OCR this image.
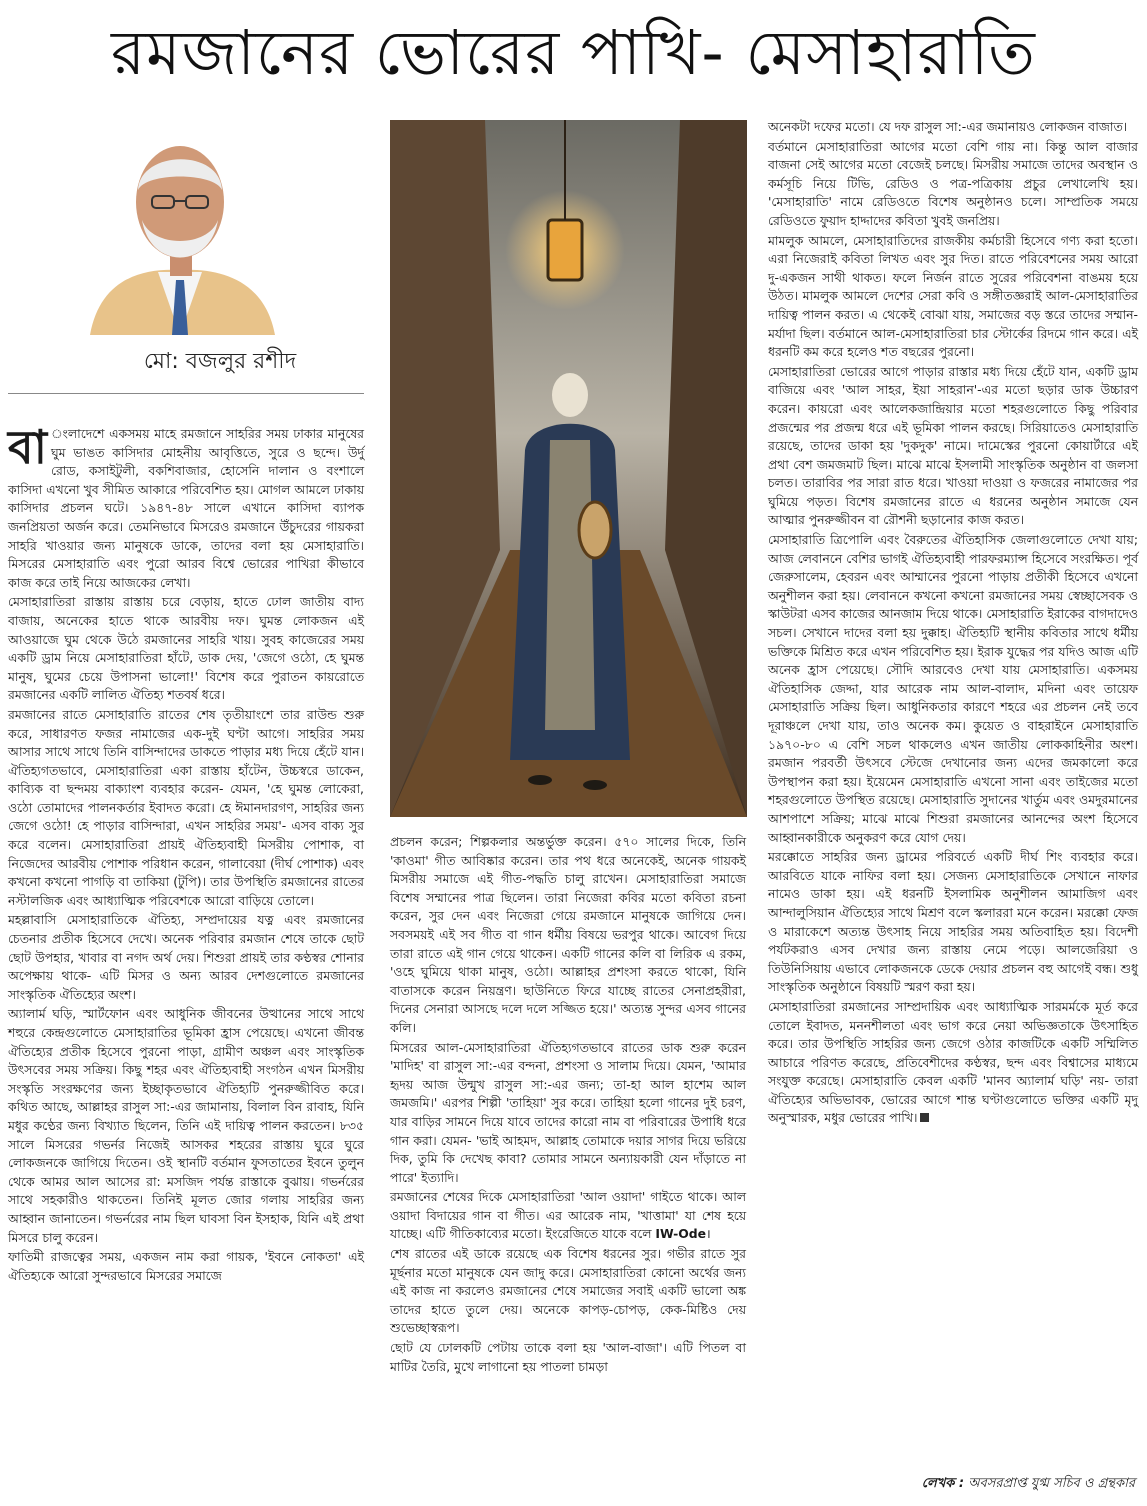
রমজানের ভোরের পাখি- মেসাহারাতি
মো: বজলুর রশীদ

বা ংলাদেশে একসময় মাহে রমজানে সাহরির সময় ঢাকার মানুষের ঘুম ভাঙত কাসিদার মোহনীয় আবৃত্তিতে, সুরে ও ছন্দে। উর্দু রোড, কসাইটুলী, বকশিবাজার, হোসেনি দালান ও বংশালে কাসিদা এখনো খুব সীমিত আকারে পরিবেশিত হয়। মোগল আমলে ঢাকায় কাসিদার প্রচলন ঘটে। ১৯৪৭-৪৮ সালে এখানে কাসিদা ব্যাপক জনপ্রিয়তা অর্জন করে। তেমনিভাবে মিসরেও রমজানে উঁচুদরের গায়করা সাহরি খাওয়ার জন্য মানুষকে ডাকে, তাদের বলা হয় মেসাহারাতি। মিসরের মেসাহারাতি এবং পুরো আরব বিশ্বে ভোরের পাখিরা কীভাবে কাজ করে তাই নিয়ে আজকের লেখা।

মেসাহারাতিরা রাস্তায় রাস্তায় চরে বেড়ায়, হাতে ঢোল জাতীয় বাদ্য বাজায়, অনেকের হাতে থাকে আরবীয় দফ। ঘুমন্ত লোকজন এই আওয়াজে ঘুম থেকে উঠে রমজানের সাহরি খায়। সুবহ কাজেরের সময় একটি ড্রাম নিয়ে মেসাহারাতিরা হাঁটে, ডাক দেয়, 'জেগে ওঠো, হে ঘুমন্ত মানুষ, ঘুমের চেয়ে উপাসনা ভালো!' বিশেষ করে পুরাতন কায়রোতে রমজানের একটি লালিত ঐতিহ্য শতবর্ষ ধরে।

রমজানের রাতে মেসাহারাতি রাতের শেষ তৃতীয়াংশে তার রাউন্ড শুরু করে, সাধারণত ফজর নামাজের এক-দুই ঘণ্টা আগে। সাহরির সময় আসার সাথে সাথে তিনি বাসিন্দাদের ডাকতে পাড়ার মধ্য দিয়ে হেঁটে যান। ঐতিহ্যগতভাবে, মেসাহারাতিরা একা রাস্তায় হাঁটেন, উচ্চস্বরে ডাকেন, কাব্যিক বা ছন্দময় বাক্যাংশ ব্যবহার করেন- যেমন, 'হে ঘুমন্ত লোকেরা, ওঠো তোমাদের পালনকর্তার ইবাদত করো। হে ঈমানদারগণ, সাহরির জন্য জেগে ওঠো! হে পাড়ার বাসিন্দারা, এখন সাহরির সময়'- এসব বাক্য সুর করে বলেন। মেসাহারাতিরা প্রায়ই ঐতিহ্যবাহী মিসরীয় পোশাক, বা নিজেদের আরবীয় পোশাক পরিধান করেন, গালাবেয়া (দীর্ঘ পোশাক) এবং কখনো কখনো পাগড়ি বা তাকিয়া (টুপি)। তার উপস্থিতি রমজানের রাতের নস্টালজিক এবং আধ্যাত্মিক পরিবেশকে আরো বাড়িয়ে তোলে।

মহল্লাবাসি মেসাহারাতিকে ঐতিহ্য, সম্প্রদায়ের যত্ন এবং রমজানের চেতনার প্রতীক হিসেবে দেখে। অনেক পরিবার রমজান শেষে তাকে ছোট ছোট উপহার, খাবার বা নগদ অর্থ দেয়। শিশুরা প্রায়ই তার কণ্ঠস্বর শোনার অপেক্ষায় থাকে- এটি মিসর ও অন্য আরব দেশগুলোতে রমজানের সাংস্কৃতিক ঐতিহ্যের অংশ।

অ্যালার্ম ঘড়ি, স্মার্টফোন এবং আধুনিক জীবনের উত্থানের সাথে সাথে শহুরে কেন্দ্রগুলোতে মেসাহারাতির ভূমিকা হ্রাস পেয়েছে। এখনো জীবন্ত ঐতিহ্যের প্রতীক হিসেবে পুরনো পাড়া, গ্রামীণ অঞ্চল এবং সাংস্কৃতিক উৎসবের সময় সক্রিয়। কিছু শহর এবং ঐতিহ্যবাহী সংগঠন এখন মিসরীয় সংস্কৃতি সংরক্ষণের জন্য ইচ্ছাকৃতভাবে ঐতিহ্যটি পুনরুজ্জীবিত করে। কথিত আছে, আল্লাহর রাসুল সা:-এর জামানায়, বিলাল বিন রাবাহ, যিনি মধুর কণ্ঠের জন্য বিখ্যাত ছিলেন, তিনি এই দায়িত্ব পালন করতেন। ৮৩৫ সালে মিসরের গভর্নর নিজেই আসকর শহরের রাস্তায় ঘুরে ঘুরে লোকজনকে জাগিয়ে দিতেন। ওই স্থানটি বর্তমান ফুসতাতের ইবনে তুলুন থেকে আমর আল আসের রা: মসজিদ পর্যন্ত রাস্তাকে বুঝায়। গভর্নরের সাথে সহকারীও থাকতেন। তিনিই মূলত জোর গলায় সাহরির জন্য আহ্বান জানাতেন। গভর্নরের নাম ছিল ঘাবসা বিন ইসহাক, যিনি এই প্রথা মিসরে চালু করেন।

ফাতিমী রাজত্বের সময়, একজন নাম করা গায়ক, 'ইবনে নোকতা' এই ঐতিহ্যকে আরো সুন্দরভাবে মিসরের সমাজে

প্রচলন করেন; শিল্পকলার অন্তর্ভুক্ত করেন। ৫৭০ সালের দিকে, তিনি 'কাওমা' গীত আবিষ্কার করেন। তার পথ ধরে অনেকেই, অনেক গায়কই মিসরীয় সমাজে এই গীত-পদ্ধতি চালু রাখেন। মেসাহারাতিরা সমাজে বিশেষ সম্মানের পাত্র ছিলেন। তারা নিজেরা কবির মতো কবিতা রচনা করেন, সুর দেন এবং নিজেরা গেয়ে রমজানে মানুষকে জাগিয়ে দেন। সবসময়ই এই সব গীত বা গান ধর্মীয় বিষয়ে ভরপুর থাকে। আবেগ দিয়ে তারা রাতে এই গান গেয়ে থাকেন। একটি গানের কলি বা লিরিক এ রকম, 'ওহে ঘুমিয়ে থাকা মানুষ, ওঠো। আল্লাহর প্রশংসা করতে থাকো, যিনি বাতাসকে করেন নিয়ন্ত্রণ। ছাউনিতে ফিরে যাচ্ছে রাতের সেনাপ্রহরীরা, দিনের সেনারা আসছে দলে দলে সজ্জিত হয়ে।' অত্যন্ত সুন্দর এসব গানের কলি।

মিসরের আল-মেসাহারাতিরা ঐতিহ্যগতভাবে রাতের ডাক শুরু করেন 'মাদিহ' বা রাসুল সা:-এর বন্দনা, প্রশংসা ও সালাম দিয়ে। যেমন, 'আমার হৃদয় আজ উন্মুখ রাসুল সা:-এর জন্য; তা-হা আল হাশেম আল জমজমি।' এরপর শিল্পী 'তাহিয়া' সুর করে। তাহিয়া হলো গানের দুই চরণ, যার বাড়ির সামনে দিয়ে যাবে তাদের কারো নাম বা পরিবারের উপাধি ধরে গান করা। যেমন- 'ভাই আহমদ, আল্লাহ তোমাকে দয়ার সাগর দিয়ে ভরিয়ে দিক, তুমি কি দেখেছ কাবা? তোমার সামনে অন্যায়কারী যেন দাঁড়াতে না পারে' ইত্যাদি।

রমজানের শেষের দিকে মেসাহারাতিরা 'আল ওয়াদা' গাইতে থাকে। আল ওয়াদা বিদায়ের গান বা গীত। এর আরেক নাম, 'খাত্তামা' যা শেষ হয়ে যাচ্ছে। এটি গীতিকাব্যের মতো। ইংরেজিতে যাকে বলে IW-Ode।

শেষ রাতের এই ডাকে রয়েছে এক বিশেষ ধরনের সুর। গভীর রাতে সুর মূর্ছনার মতো মানুষকে যেন জাদু করে। মেসাহারাতিরা কোনো অর্থের জন্য এই কাজ না করলেও রমজানের শেষে সমাজের সবাই একটি ভালো অঙ্ক তাদের হাতে তুলে দেয়। অনেকে কাপড়-চোপড়, কেক-মিষ্টিও দেয় শুভেচ্ছাস্বরূপ।

ছোট যে ঢোলকটি পেটায় তাকে বলা হয় 'আল-বাজা'। এটি পিতল বা মাটির তৈরি, মুখে লাগানো হয় পাতলা চামড়া

অনেকটা দফের মতো। যে দফ রাসুল সা:-এর জমানায়ও লোকজন বাজাত।

বর্তমানে মেসাহারাতিরা আগের মতো বেশি গায় না। কিন্তু আল বাজার বাজনা সেই আগের মতো বেজেই চলছে। মিসরীয় সমাজে তাদের অবস্থান ও কর্মসূচি নিয়ে টিভি, রেডিও ও পত্র-পত্রিকায় প্রচুর লেখালেখি হয়। 'মেসাহারাতি' নামে রেডিওতে বিশেষ অনুষ্ঠানও চলে। সাম্প্রতিক সময়ে রেডিওতে ফুয়াদ হাদ্দাদের কবিতা খুবই জনপ্রিয়।

মামলুক আমলে, মেসাহারাতিদের রাজকীয় কর্মচারী হিসেবে গণ্য করা হতো। এরা নিজেরাই কবিতা লিখত এবং সুর দিত। রাতে পরিবেশনের সময় আরো দু-একজন সাথী থাকত। ফলে নির্জন রাতে সুরের পরিবেশনা বাঙময় হয়ে উঠত। মামলুক আমলে দেশের সেরা কবি ও সঙ্গীতজ্ঞরাই আল-মেসাহারাতির দায়িত্ব পালন করত। এ থেকেই বোঝা যায়, সমাজের বড় স্তরে তাদের সম্মান-মর্যাদা ছিল। বর্তমানে আল-মেসাহারাতিরা চার স্টোর্কের রিদমে গান করে। এই ধরনটি কম করে হলেও শত বছরের পুরনো।

মেসাহারাতিরা ভোরের আগে পাড়ার রাস্তার মধ্য দিয়ে হেঁটে যান, একটি ড্রাম বাজিয়ে এবং 'আল সাহর, ইয়া সাহরান'-এর মতো ছড়ার ডাক উচ্চারণ করেন। কায়রো এবং আলেকজান্দ্রিয়ার মতো শহরগুলোতে কিছু পরিবার প্রজন্মের পর প্রজন্ম ধরে এই ভূমিকা পালন করছে। সিরিয়াতেও মেসাহারাতি রয়েছে, তাদের ডাকা হয় 'দুকদুক' নামে। দামেস্কের পুরনো কোয়ার্টারে এই প্রথা বেশ জমজমাট ছিল। মাঝে মাঝে ইসলামী সাংস্কৃতিক অনুষ্ঠান বা জলসা চলত। তারাবির পর সারা রাত ধরে। খাওয়া দাওয়া ও ফজরের নামাজের পর ঘুমিয়ে পড়ত। বিশেষ রমজানের রাতে এ ধরনের অনুষ্ঠান সমাজে যেন আত্মার পুনরুজ্জীবন বা রৌশনী ছড়ানোর কাজ করত।

মেসাহারাতি ত্রিপোলি এবং বৈরুতের ঐতিহাসিক জেলাগুলোতে দেখা যায়; আজ লেবাননে বেশির ভাগই ঐতিহ্যবাহী পারফরম্যান্স হিসেবে সংরক্ষিত। পূর্ব জেরুসালেম, হেবরন এবং আম্মানের পুরনো পাড়ায় প্রতীকী হিসেবে এখনো অনুশীলন করা হয়। লেবাননে কখনো কখনো রমজানের সময় স্বেচ্ছাসেবক ও স্কাউটরা এসব কাজের আনজাম দিয়ে থাকে। মেসাহারাতি ইরাকের বাগদাদেও সচল। সেখানে দাদের বলা হয় দুক্কাহ। ঐতিহ্যটি স্থানীয় কবিতার সাথে ধর্মীয় ভক্তিকে মিশ্রিত করে এখন পরিবেশিত হয়। ইরাক যুদ্ধের পর যদিও আজ এটি অনেক হ্রাস পেয়েছে। সৌদি আরবেও দেখা যায় মেসাহারাতি। একসময় ঐতিহাসিক জেদ্দা, যার আরেক নাম আল-বালাদ, মদিনা এবং তায়েফ মেসাহারাতি সক্রিয় ছিল। আধুনিকতার কারণে শহরে এর প্রচলন নেই তবে দূরাঞ্চলে দেখা যায়, তাও অনেক কম। কুয়েত ও বাহরাইনে মেসাহারাতি ১৯৭০-৮০ এ বেশি সচল থাকলেও এখন জাতীয় লোককাহিনীর অংশ। রমজান পরবর্তী উৎসবে স্টেজে দেখানোর জন্য এদের জমকালো করে উপস্থাপন করা হয়। ইয়েমেন মেসাহারাতি এখনো সানা এবং তাইজের মতো শহরগুলোতে উপস্থিত রয়েছে। মেসাহারাতি সুদানের খার্তুম এবং ওমদুরমানের আশপাশে সক্রিয়; মাঝে মাঝে শিশুরা রমজানের আনন্দের অংশ হিসেবে আহ্বানকারীকে অনুকরণ করে যোগ দেয়।

মরক্কোতে সাহরির জন্য ড্রামের পরিবর্তে একটি দীর্ঘ শিং ব্যবহার করে। আরবিতে যাকে নাফির বলা হয়। সেজন্য মেসাহারাতিকে সেখানে নাফার নামেও ডাকা হয়। এই ধরনটি ইসলামিক অনুশীলন আমাজিগ এবং আন্দালুসিয়ান ঐতিহ্যের সাথে মিশ্রণ বলে স্কলাররা মনে করেন। মরক্কো ফেজ ও মারাকেশে অত্যন্ত উৎসাহ নিয়ে সাহরির সময় অতিবাহিত হয়। বিদেশী পর্যটকরাও এসব দেখার জন্য রাস্তায় নেমে পড়ে। আলজেরিয়া ও তিউনিসিয়ায় এভাবে লোকজনকে ডেকে দেয়ার প্রচলন বহু আগেই বন্ধ। শুধু সাংস্কৃতিক অনুষ্ঠানে বিষয়টি স্মরণ করা হয়।

মেসাহারাতিরা রমজানের সাম্প্রদায়িক এবং আধ্যাত্মিক সারমর্মকে মূর্ত করে তোলে ইবাদত, মননশীলতা এবং ভাগ করে নেয়া অভিজ্ঞতাকে উৎসাহিত করে। তার উপস্থিতি সাহরির জন্য জেগে ওঠার কাজটিকে একটি সম্মিলিত আচারে পরিণত করেছে, প্রতিবেশীদের কণ্ঠস্বর, ছন্দ এবং বিশ্বাসের মাধ্যমে সংযুক্ত করেছে। মেসাহারাতি কেবল একটি 'মানব অ্যালার্ম ঘড়ি' নয়- তারা ঐতিহ্যের অভিভাবক, ভোরের আগে শান্ত ঘণ্টাগুলোতে ভক্তির একটি মৃদু অনুস্মারক, মধুর ভোরের পাখি।

লেখক : অবসরপ্রাপ্ত যুগ্ম সচিব ও গ্রন্থকার
